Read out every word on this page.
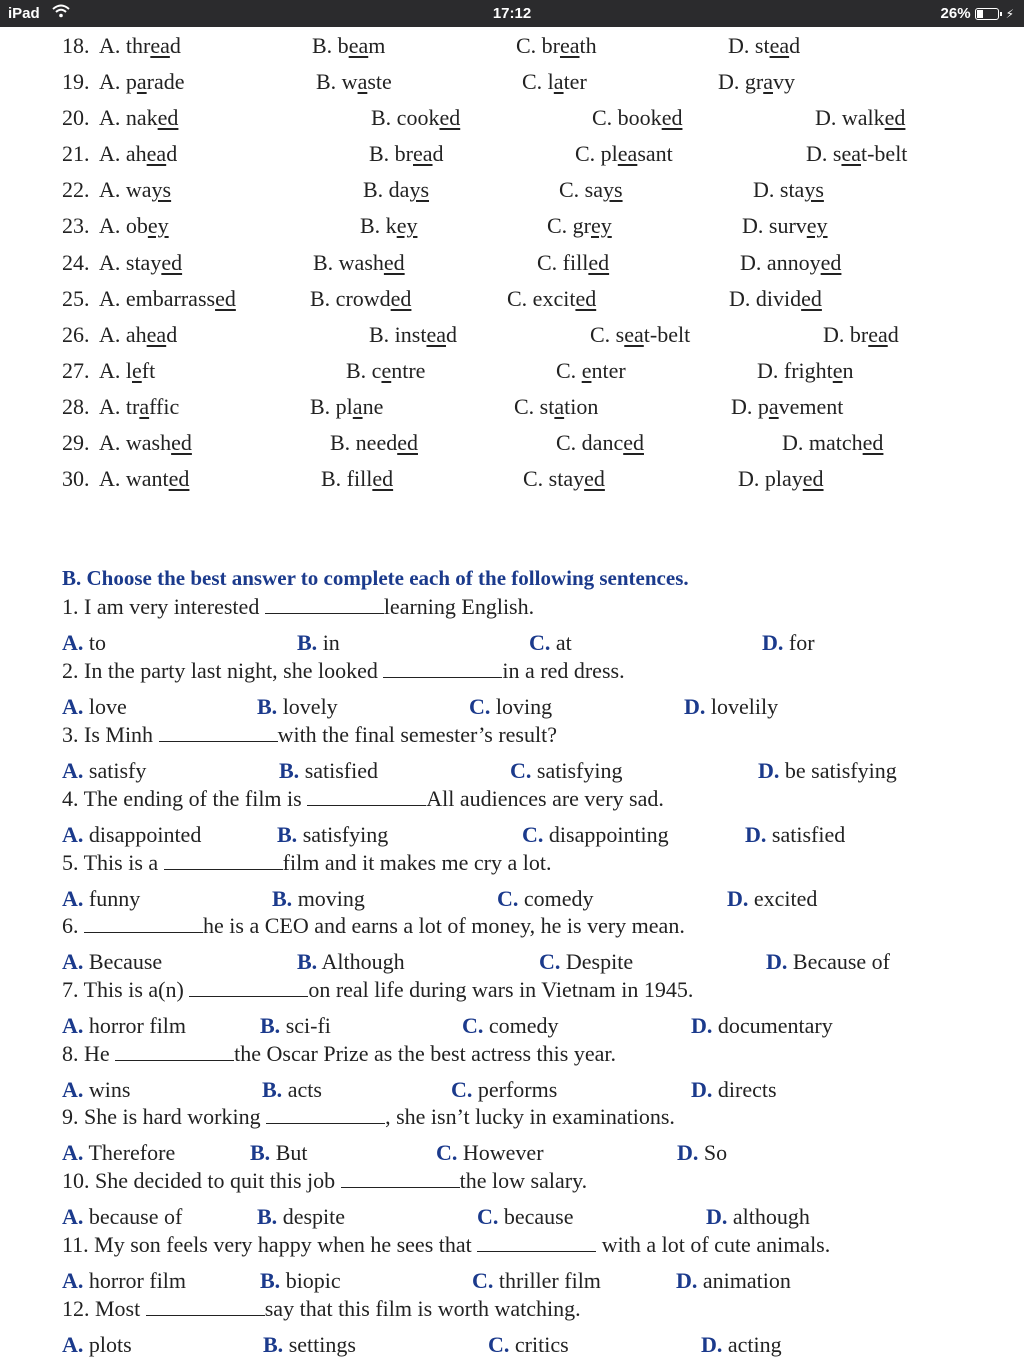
iPad	17:12	26%	⚡
18. A. thread	B. beam	C. breath	D. stead
19. A. parade	B. waste	C. later	D. gravy
20. A. naked	B. cooked	C. booked	D. walked
21. A. ahead	B. bread	C. pleasant	D. seat-belt
22. A. ways	B. days	C. says	D. stays
23. A. obey	B. key	C. grey	D. survey
24. A. stayed	B. washed	C. filled	D. annoyed
25. A. embarrassed	B. crowded	C. excited	D. divided
26. A. ahead	B. instead	C. seat-belt	D. bread
27. A. left	B. centre	C. enter	D. frighten
28. A. traffic	B. plane	C. station	D. pavement
29. A. washed	B. needed	C. danced	D. matched
30. A. wanted	B. filled	C. stayed	D. played
B. Choose the best answer to complete each of the following sentences.
1. I am very interested	learning English.
A. to	B. in	C. at	D. for
2. In the party last night, she looked	in a red dress.
A. love	B. lovely	C. loving	D. lovelily
3. Is Minh	with the final semester’s result?
A. satisfy	B. satisfied	C. satisfying	D. be satisfying
4. The ending of the film is	All audiences are very sad.
A. disappointed	B. satisfying	C. disappointing	D. satisfied
5. This is a	film and it makes me cry a lot.
A. funny	B. moving	C. comedy	D. excited
6.	he is a CEO and earns a lot of money, he is very mean.
A. Because	B. Although	C. Despite	D. Because of
7. This is a(n)	on real life during wars in Vietnam in 1945.
A. horror film	B. sci-fi	C. comedy	D. documentary
8. He	the Oscar Prize as the best actress this year.
A. wins	B. acts	C. performs	D. directs
9. She is hard working	, she isn’t lucky in examinations.
A. Therefore	B. But	C. However	D. So
10. She decided to quit this job	the low salary.
A. because of	B. despite	C. because	D. although
11. My son feels very happy when he sees that	with a lot of cute animals.
A. horror film	B. biopic	C. thriller film	D. animation
12. Most	say that this film is worth watching.
A. plots	B. settings	C. critics	D. acting
